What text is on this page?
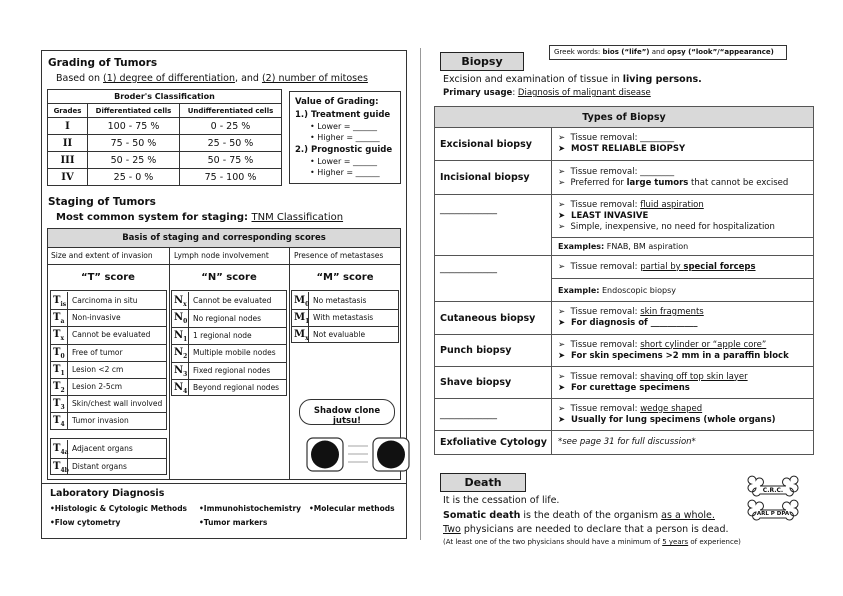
Grading of Tumors
Based on (1) degree of differentiation, and (2) number of mitoses
Broder's Classification		
Grades	Differentiated cells	Undifferentiated cells
I	100 - 75 %	0 - 25 %
II	75 - 50 %	25 - 50 %
III	50 - 25 %	50 - 75 %
IV	25 - 0 %	75 - 100 %
Value of Grading:
1.) Treatment guide
• Lower = ______
• Higher = ______
2.) Prognostic guide
• Lower = ______
• Higher = ______
Staging of Tumors
Most common system for staging: TNM Classification
Basis of staging and corresponding scores
Size and extent of invasion	Lymph node involvement	Presence of metastases
“T” score
$T_{is}$ Carcinoma in situ
$T_a$	Non-invasive
$T_x$	Cannot be evaluated
$T_0$ Free of tumor
$T_1$ Lesion <2 cm
$T_2$ Lesion 2-5cm
$T_3$ Skin/chest wall involved
$T_4$ Tumor invasion
$T_{4a}$ Adjacent organs
$T_{4b}$ Distant organs
“N” score
$N_x$ Cannot be evaluated
$N_0$ No regional nodes
$N_1$ 1 regional node
$N_2$ Multiple mobile nodes
$N_3$ Fixed regional nodes
$N_4$ Beyond regional nodes
“M” score
$M_0$ No metastasis
$M_1$ With metastasis
$M_x$ Not evaluable
Shadow clone jutsu!
Laboratory Diagnosis
•Histologic & Cytologic Methods •Immunohistochemistry •Molecular methods
•Flow cytometry	•Tumor markers
Biopsy
Greek words: bios (“life”) and opsy (“look”/“appearance)
Excision and examination of tissue in living persons.
Primary usage: Diagnosis of malignant disease
Types of Biopsy	
Excisional biopsy	➢  Tissue removal: ________
➤  MOST RELIABLE BIOPSY

Incisional biopsy	➢  Tissue removal: ________
➢  Preferred for large tumors that cannot be excised

____________	➢  Tissue removal: fluid aspiration
➤  LEAST INVASIVE
➢  Simple, inexpensive, no need for hospitalization

	Examples: FNAB, BM aspiration
____________	➢  Tissue removal: partial by special forceps

	Example: Endoscopic biopsy
Cutaneous biopsy	➢  Tissue removal: skin fragments
➤  For diagnosis of ___________

Punch biopsy	➢  Tissue removal: short cylinder or “apple core”
➤  For skin specimens >2 mm in a paraffin block

Shave biopsy	➢  Tissue removal: shaving off top skin layer
➤  For curettage specimens

____________	➢  Tissue removal: wedge shaped
➤  Usually for lung specimens (whole organs)

Exfoliative Cytology	*see page 31 for full discussion*
Death
It is the cessation of life.
Somatic death is the death of the organism as a whole.
Two physicians are needed to declare that a person is dead.
(At least one of the two physicians should have a minimum of 5 years of experience)
C.R.C.
ARL P DPA
